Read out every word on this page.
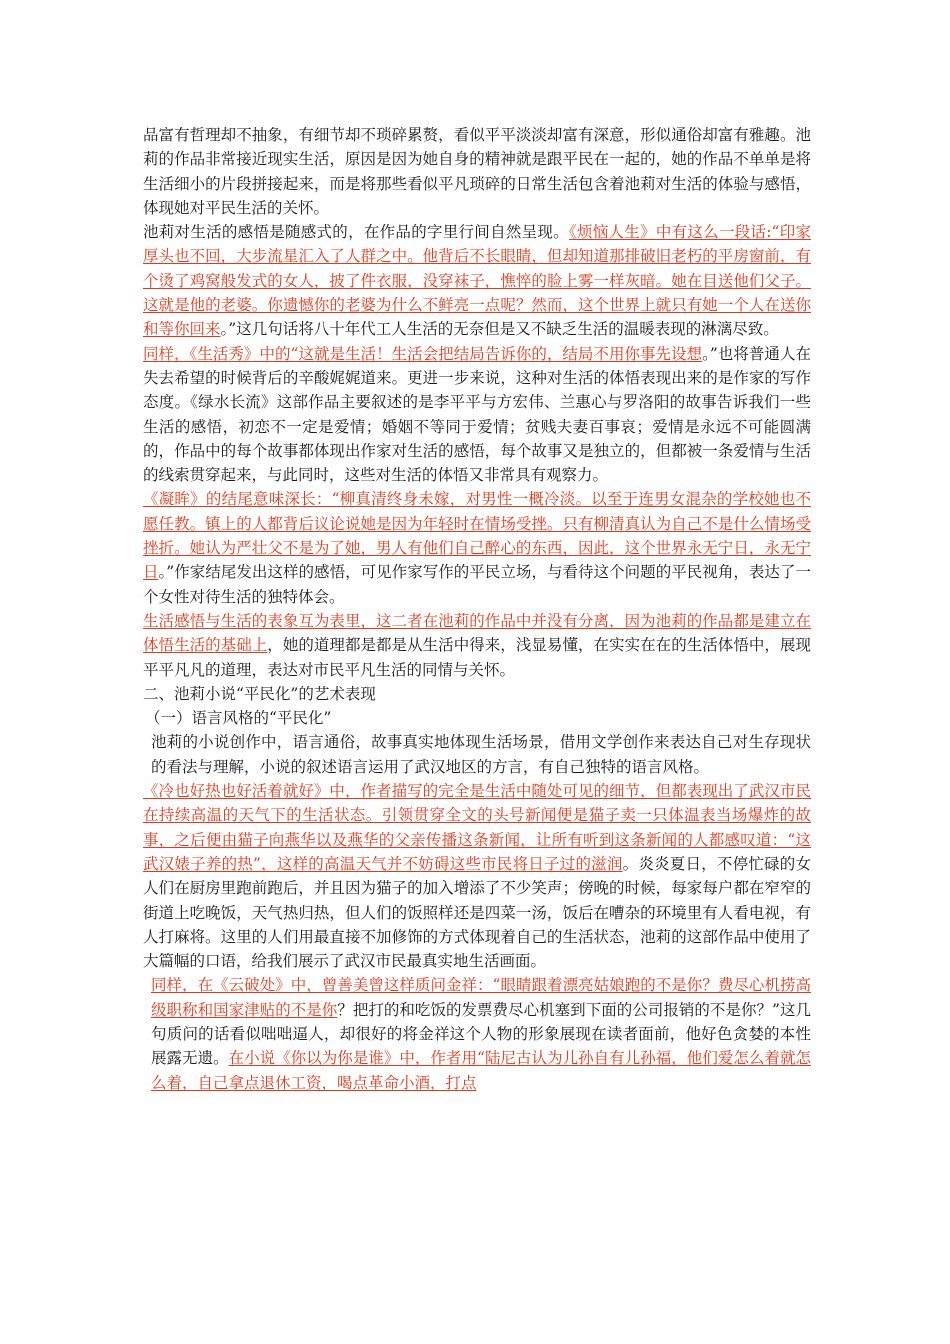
品富有哲理却不抽象，有细节却不琐碎累赘，看似平平淡淡却富有深意，形似通俗却富有雅趣。池莉的作品非常接近现实生活，原因是因为她自身的精神就是跟平民在一起的，她的作品不单单是将生活细小的片段拼接起来，而是将那些看似平凡琐碎的日常生活包含着池莉对生活的体验与感悟，体现她对平民生活的关怀。

池莉对生活的感悟是随感式的，在作品的字里行间自然呈现。《烦恼人生》中有这么一段话:“印家厚头也不回，大步流星汇入了人群之中。他背后不长眼睛，但却知道那排破旧老朽的平房窗前，有个烫了鸡窝般发式的女人，披了件衣服，没穿袜子，憔悴的脸上雾一样灰暗。她在目送他们父子。这就是他的老婆。你遗憾你的老婆为什么不鲜亮一点呢？然而，这个世界上就只有她一个人在送你和等你回来。”这几句话将八十年代工人生活的无奈但是又不缺乏生活的温暖表现的淋漓尽致。

同样，《生活秀》中的“这就是生活！生活会把结局告诉你的，结局不用你事先设想。”也将普通人在失去希望的时候背后的辛酸娓娓道来。更进一步来说，这种对生活的体悟表现出来的是作家的写作态度。《绿水长流》这部作品主要叙述的是李平平与方宏伟、兰惠心与罗洛阳的故事告诉我们一些生活的感悟，初恋不一定是爱情；婚姻不等同于爱情；贫贱夫妻百事哀；爱情是永远不可能圆满的，作品中的每个故事都体现出作家对生活的感悟，每个故事又是独立的，但都被一条爱情与生活的线索贯穿起来，与此同时，这些对生活的体悟又非常具有观察力。

《凝眸》的结尾意味深长：“柳真清终身未嫁，对男性一概冷淡。以至于连男女混杂的学校她也不愿任教。镇上的人都背后议论说她是因为年轻时在情场受挫。只有柳清真认为自己不是什么情场受挫折。她认为严壮父不是为了她，男人有他们自己醉心的东西，因此，这个世界永无宁日，永无宁日。”作家结尾发出这样的感悟，可见作家写作的平民立场，与看待这个问题的平民视角，表达了一个女性对待生活的独特体会。

生活感悟与生活的表象互为表里，这二者在池莉的作品中并没有分离，因为池莉的作品都是建立在体悟生活的基础上，她的道理都是都是从生活中得来，浅显易懂，在实实在在的生活体悟中，展现平平凡凡的道理，表达对市民平凡生活的同情与关怀。

二、池莉小说“平民化”的艺术表现

（一）语言风格的“平民化”

池莉的小说创作中，语言通俗，故事真实地体现生活场景，借用文学创作来表达自己对生存现状的看法与理解，小说的叙述语言运用了武汉地区的方言，有自己独特的语言风格。

《冷也好热也好活着就好》中，作者描写的完全是生活中随处可见的细节，但都表现出了武汉市民在持续高温的天气下的生活状态。引领贯穿全文的头号新闻便是猫子卖一只体温表当场爆炸的故事，之后便由猫子向燕华以及燕华的父亲传播这条新闻，让所有听到这条新闻的人都感叹道：“这武汉婊子养的热”，这样的高温天气并不妨碍这些市民将日子过的滋润。炎炎夏日，不停忙碌的女人们在厨房里跑前跑后，并且因为猫子的加入增添了不少笑声；傍晚的时候，每家每户都在窄窄的街道上吃晚饭，天气热归热，但人们的饭照样还是四菜一汤，饭后在嘈杂的环境里有人看电视，有人打麻将。这里的人们用最直接不加修饰的方式体现着自己的生活状态，池莉的这部作品中使用了大篇幅的口语，给我们展示了武汉市民最真实地生活画面。

同样，在《云破处》中，曾善美曾这样质问金祥：“眼睛跟着漂亮姑娘跑的不是你？费尽心机捞高级职称和国家津贴的不是你？把打的和吃饭的发票费尽心机塞到下面的公司报销的不是你？”这几句质问的话看似咄咄逼人，却很好的将金祥这个人物的形象展现在读者面前，他好色贪婪的本性展露无遗。在小说《你以为你是谁》中，作者用“陆尼古认为儿孙自有儿孙福，他们爱怎么着就怎么着，自己拿点退休工资，喝点革命小酒，打点
